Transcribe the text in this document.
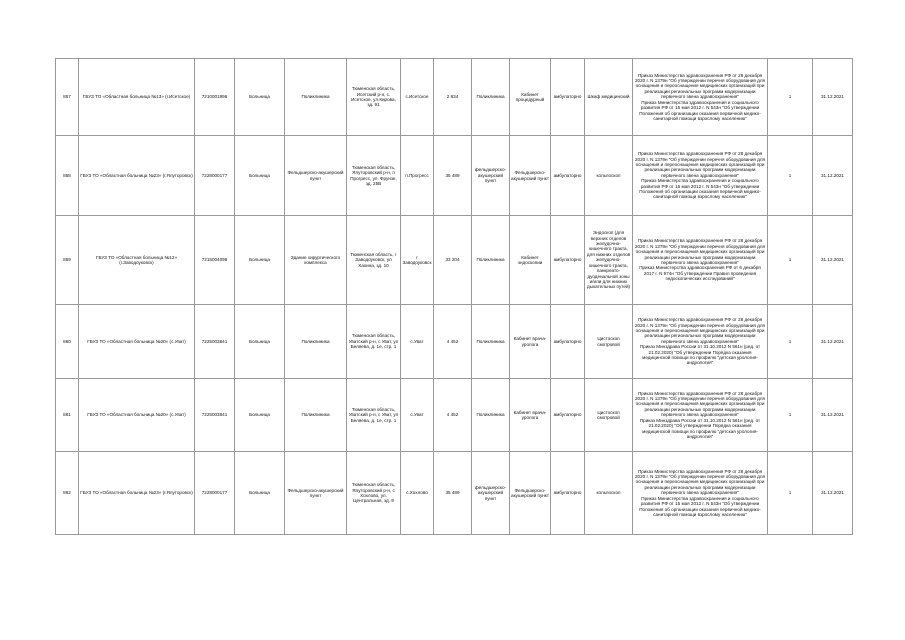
857	ГБУЗ ТО «Областная больница №13» (г.Исетское)	7210001996	Больница	Поликлиника	Тюменская область, Исетский р-н, с. Исетское, ул.Кирова, зд. 91	с.Исетское	2 834	Поликлиника	Кабинет процедурный	амбулаторно	Шкаф медицинский	Приказ Министерства здравоохранения РФ от 28 декабря 2020 г. N 1379н "Об утверждении перечня оборудования для оснащения и переоснащения медицинских организаций при реализации региональных программ модернизации первичного звена здравоохранения"
Приказ Министерства здравоохранения и социального развития РФ от 15 мая 2012 г. N 543н "Об утверждении Положения об организации оказания первичной медико-санитарной помощи взрослому населению"	1	31.12.2021
858	ГБУЗ ТО «Областная больница №23» (г.Ялуторовск)	7228000177	Больница	Фельдшерско-акушерский пункт	Тюменская область, Ялуторовский р-н, п Прогресс, ул. Фрунзе, зд. 25В	п.Прогресс	35 489	фельдшерско-акушерский пункт	Фельдшерско-акушерский пункт	амбулаторно	кольпоскоп	Приказ Министерства здравоохранения РФ от 28 декабря 2020 г. N 1379н "Об утверждении перечня оборудования для оснащения и переоснащения медицинских организаций при реализации региональных программ модернизации первичного звена здравоохранения"
Приказ Министерства здравоохранения и социального развития РФ от 15 мая 2012 г. N 543н "Об утверждении Положения об организации оказания первичной медико-санитарной помощи взрослому населению"	1	31.12.2021
859	ГБУЗ ТО «Областная больница №12» (г.Заводоуковск)	7215004098	Больница	Здание хирургического комплекса	Тюменская область, г Заводоуковск, ул Хахина, зд. 10	г Заводоуковск	33 204	Поликлиника	Кабинет эндоскопии	амбулаторно	Эндоскоп (для верхних отделов желудочно-кишечного тракта, для нижних отделов желудочно-кишечного тракта, панкреато-дуоденальной зоны и/или для нижних дыхательных путей)	Приказ Министерства здравоохранения РФ от 28 декабря 2020 г. N 1379н "Об утверждении перечня оборудования для оснащения и переоснащения медицинских организаций при реализации региональных программ модернизации первичного звена здравоохранения"
Приказ Министерства здравоохранения РФ от 6 декабря 2017 г. N 974н "Об утверждении Правил проведения эндоскопических исследований"	1	31.12.2021
860	ГБУЗ ТО «Областная больница №20» (с.Уват)	7225003841	Больница	Поликлиника	Тюменская область, Уватский р-н, с Уват, ул Беляева, д. 1е, стр. 1	с.Уват	4 452	Поликлиника	Кабинет врача-уролога	амбулаторно	Цистоскоп смотровой	Приказ Министерства здравоохранения РФ от 28 декабря 2020 г. N 1379н "Об утверждении перечня оборудования для оснащения и переоснащения медицинских организаций при реализации региональных программ модернизации первичного звена здравоохранения"
Приказ Минздрава России от 31.10.2012 N 561н (ред. от 21.02.2020) "Об утверждении Порядка оказания медицинской помощи по профилю "детская урология-андрология"	1	31.12.2021
861	ГБУЗ ТО «Областная больница №20» (с.Уват)	7225003841	Больница	Поликлиника	Тюменская область, Уватский р-н, с Уват, ул Беляева, д. 1е, стр. 1	с.Уват	4 452	Поликлиника	Кабинет врача-уролога	амбулаторно	Цистоскоп смотровой	Приказ Министерства здравоохранения РФ от 28 декабря 2020 г. N 1379н "Об утверждении перечня оборудования для оснащения и переоснащения медицинских организаций при реализации региональных программ модернизации первичного звена здравоохранения"
Приказ Минздрава России от 31.10.2012 N 561н (ред. от 21.02.2020) "Об утверждении Порядка оказания медицинской помощи по профилю "детская урология-андрология"	1	31.12.2021
862	ГБУЗ ТО «Областная больница №23» (г.Ялуторовск)	7228000177	Больница	Фельдшерско-акушерский пункт	Тюменская область, Ялуторовский р-н, с Хохлово, ул. Центральная, зд. 9	с.Хохлово	35 489	фельдшерско-акушерский пункт	Фельдшерско-акушерский пункт	амбулаторно	кольпоскоп	Приказ Министерства здравоохранения РФ от 28 декабря 2020 г. N 1379н "Об утверждении перечня оборудования для оснащения и переоснащения медицинских организаций при реализации региональных программ модернизации первичного звена здравоохранения"
Приказ Министерства здравоохранения и социального развития РФ от 15 мая 2012 г. N 543н "Об утверждении Положения об организации оказания первичной медико-санитарной помощи взрослому населению"	1	31.12.2021
